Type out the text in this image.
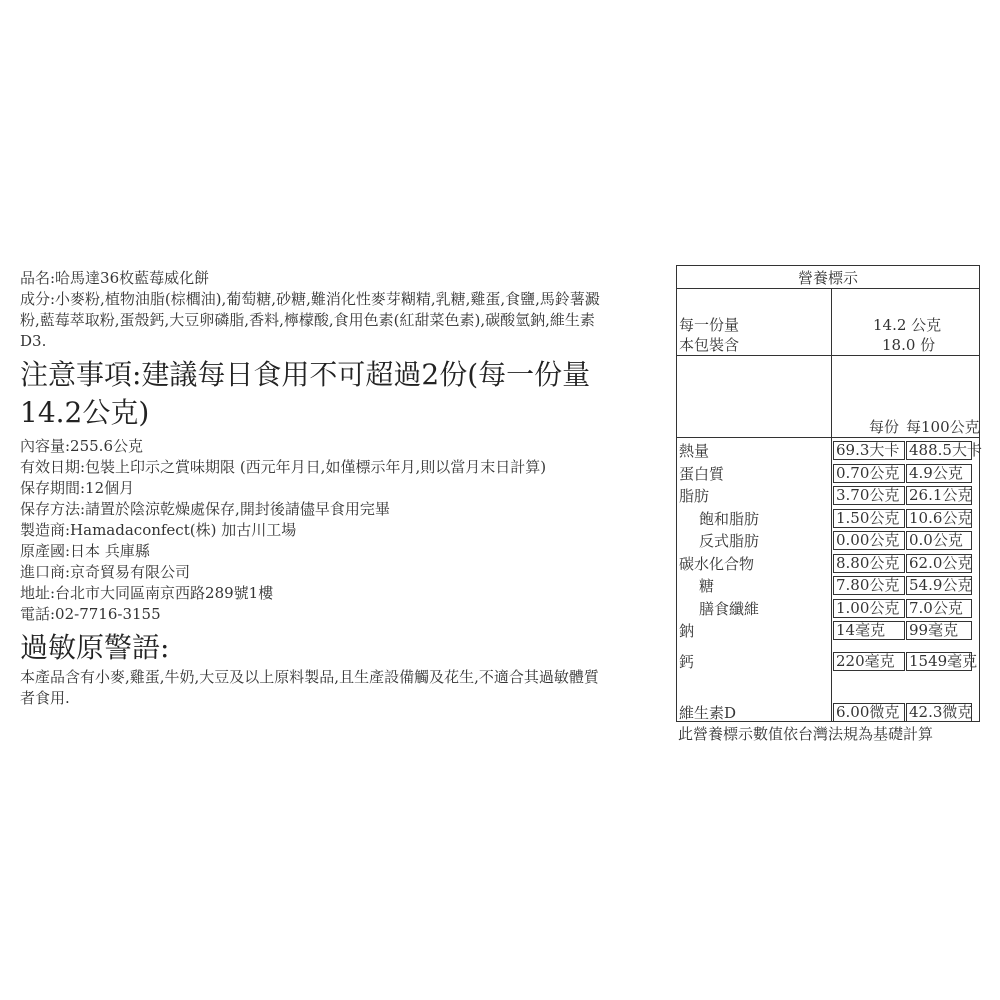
品名:哈馬達36枚藍莓威化餅
成分:小麥粉,植物油脂(棕櫚油),葡萄糖,砂糖,難消化性麥芽糊精,乳糖,雞蛋,食鹽,馬鈴薯澱粉,藍莓萃取粉,蛋殼鈣,大豆卵磷脂,香料,檸檬酸,食用色素(紅甜菜色素),碳酸氫鈉,維生素D3.
注意事項:建議每日食用不可超過2份(每一份量14.2公克)
內容量:255.6公克
有效日期:包裝上印示之賞味期限 (西元年月日,如僅標示年月,則以當月末日計算)
保存期間:12個月
保存方法:請置於陰涼乾燥處保存,開封後請儘早食用完畢
製造商:Hamadaconfect(株) 加古川工場
原產國:日本 兵庫縣
進口商:京奇貿易有限公司
地址:台北市大同區南京西路289號1樓
電話:02-7716-3155
過敏原警語:
本產品含有小麥,雞蛋,牛奶,大豆及以上原料製品,且生產設備觸及花生,不適合其過敏體質者食用.
營養標示
每一份量	14.2 公克
本包裝含	18.0 份
每份 每100公克
熱量	69.3大卡 488.5大卡
蛋白質	0.70公克 4.9公克
脂肪	3.70公克 26.1公克
飽和脂肪	1.50公克 10.6公克
反式脂肪	0.00公克 0.0公克
碳水化合物	8.80公克 62.0公克
糖	7.80公克 54.9公克
膳食纖維	1.00公克 7.0公克
鈉	14毫克	99毫克
鈣	220毫克 1549毫克
維生素D	6.00微克 42.3微克
此營養標示數值依台灣法規為基礎計算
